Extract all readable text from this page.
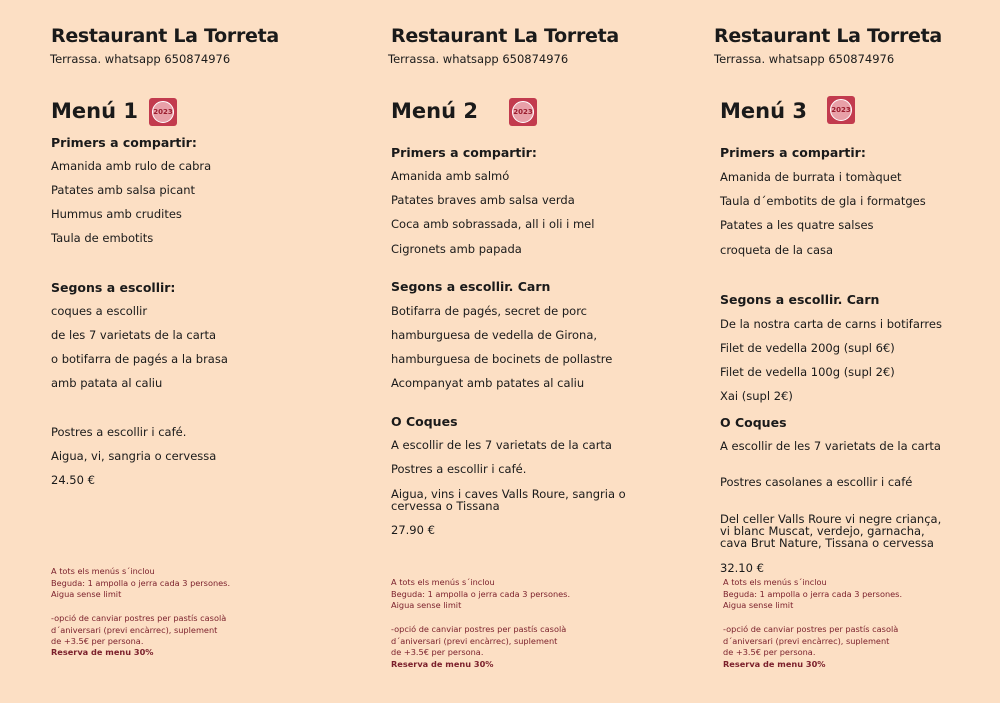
Restaurant La Torreta
Terrassa. whatsapp 650874976
Menú 1 2023
Primers a compartir:
Amanida amb rulo de cabra
Patates amb salsa picant
Hummus amb crudites
Taula de embotits
Segons a escollir:
coques a escollir
de les 7 varietats de la carta
o botifarra de pagés a la brasa
amb patata al caliu
Postres a escollir i café.
Aigua, vi, sangria o cervessa
24.50 €
A tots els menús s´inclou
Beguda: 1 ampolla o jerra cada 3 persones.
Aigua sense limit
-opció de canviar postres per pastís casolà
d´aniversari (previ encàrrec), suplement
de +3.5€ per persona.
Reserva de menu 30%
Restaurant La Torreta
Terrassa. whatsapp 650874976
Menú 2	2023
Primers a compartir:
Amanida amb salmó
Patates braves amb salsa verda
Coca amb sobrassada, all i oli i mel
Cigronets amb papada
Segons a escollir. Carn
Botifarra de pagés, secret de porc
hamburguesa de vedella de Girona,
hamburguesa de bocinets de pollastre
Acompanyat amb patates al caliu
O Coques
A escollir de les 7 varietats de la carta
Postres a escollir i café.
Aigua, vins i caves Valls Roure, sangria o
cervessa o Tissana
27.90 €
A tots els menús s´inclou
Beguda: 1 ampolla o jerra cada 3 persones.
Aigua sense limit
-opció de canviar postres per pastís casolà
d´aniversari (previ encàrrec), suplement
de +3.5€ per persona.
Reserva de menu 30%
Restaurant La Torreta
Terrassa. whatsapp 650874976
Menú 3	2023
Primers a compartir:
Amanida de burrata i tomàquet
Taula d´embotits de gla i formatges
Patates a les quatre salses
croqueta de la casa
Segons a escollir. Carn
De la nostra carta de carns i botifarres
Filet de vedella 200g (supl 6€)
Filet de vedella 100g (supl 2€)
Xai (supl 2€)
O Coques
A escollir de les 7 varietats de la carta
Postres casolanes a escollir i café
Del celler Valls Roure vi negre criança,
vi blanc Muscat, verdejo, garnacha,
cava Brut Nature, Tissana o cervessa
32.10 €
A tots els menús s´inclou
Beguda: 1 ampolla o jerra cada 3 persones.
Aigua sense limit
-opció de canviar postres per pastís casolà
d´aniversari (previ encàrrec), suplement
de +3.5€ per persona.
Reserva de menu 30%
